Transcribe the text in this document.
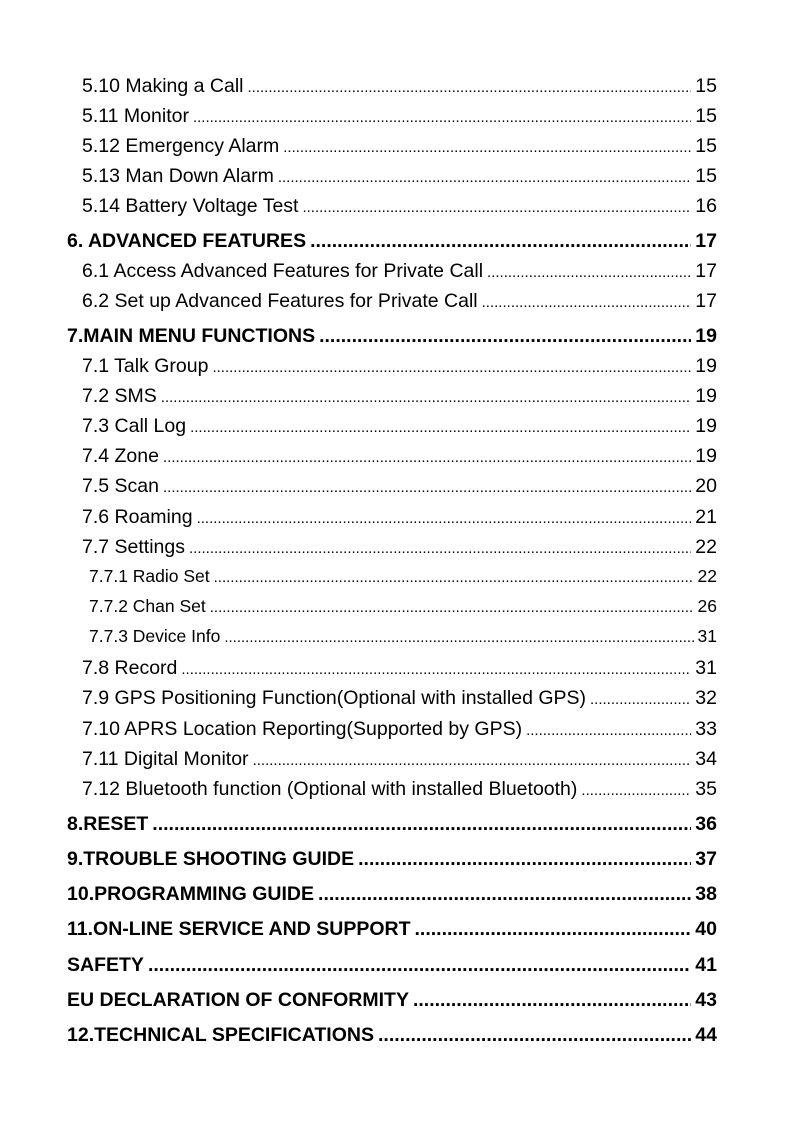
5.10 Making a Call .....	15
5.11 Monitor .....	15
5.12 Emergency Alarm .....	15
5.13 Man Down Alarm .....	15
5.14 Battery Voltage Test .....	16
6. ADVANCED FEATURES .....	17
6.1 Access Advanced Features for Private Call .....	17
6.2 Set up Advanced Features for Private Call .....	17
7.MAIN MENU FUNCTIONS .....	19
7.1 Talk Group .....	19
7.2 SMS .....	19
7.3 Call Log .....	19
7.4 Zone .....	19
7.5 Scan .....	20
7.6 Roaming .....	21
7.7 Settings .....	22
7.7.1 Radio Set .....	22
7.7.2 Chan Set .....	26
7.7.3 Device Info .....	31
7.8 Record .....	31
7.9 GPS Positioning Function(Optional with installed GPS) .....	32
7.10 APRS Location Reporting(Supported by GPS) .....	33
7.11 Digital Monitor .....	34
7.12 Bluetooth function (Optional with installed Bluetooth) .....	35
8.RESET .....	36
9.TROUBLE SHOOTING GUIDE .....	37
10.PROGRAMMING GUIDE .....	38
11.ON-LINE SERVICE AND SUPPORT .....	40
SAFETY .....	41
EU DECLARATION OF CONFORMITY .....	43
12.TECHNICAL SPECIFICATIONS .....	44
